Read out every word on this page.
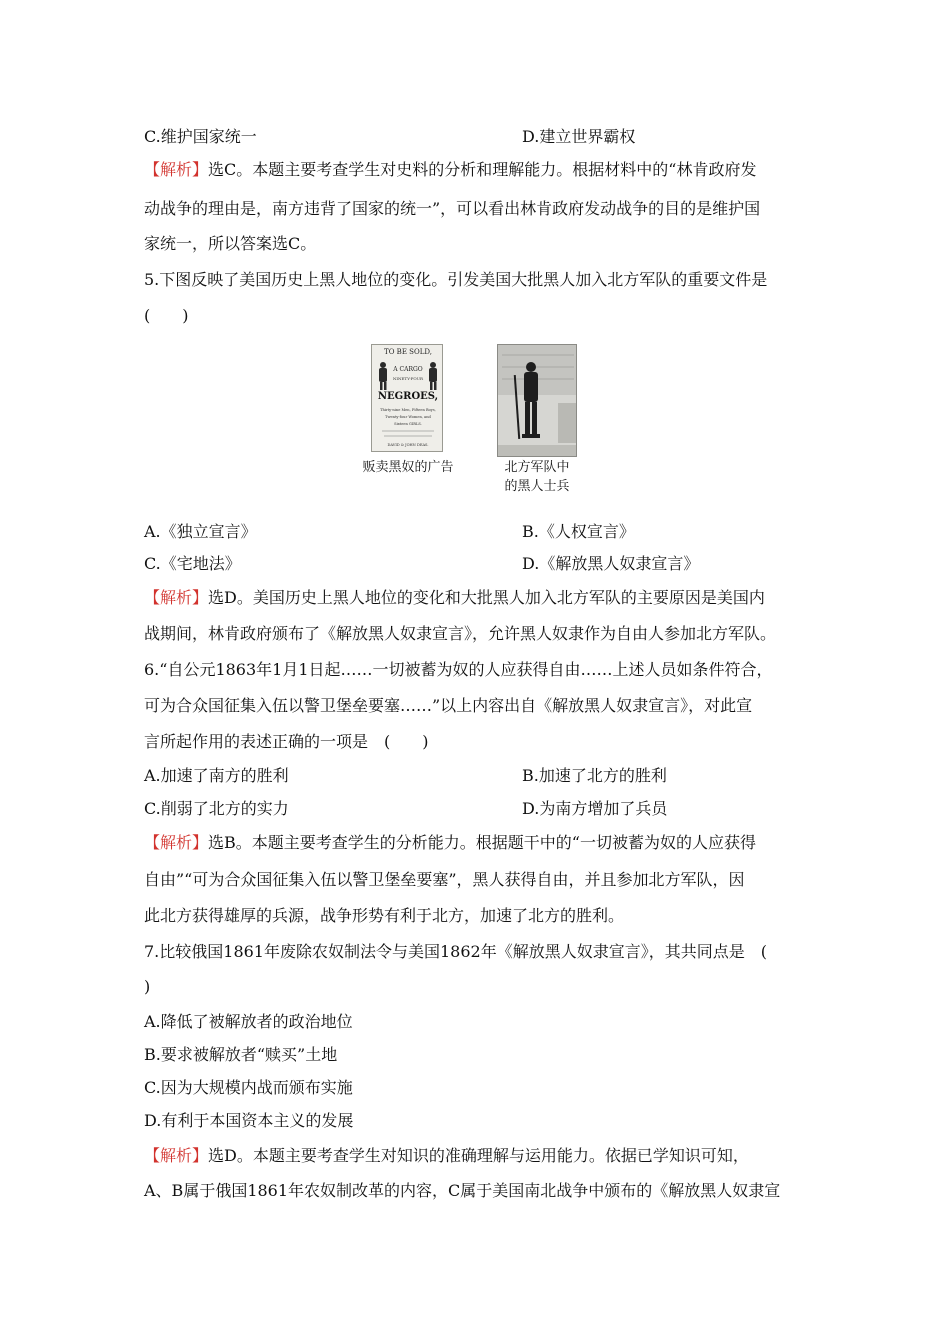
C.维护国家统一	D.建立世界霸权
【解析】选C。本题主要考查学生对史料的分析和理解能力。根据材料中的“林肯政府发
动战争的理由是，南方违背了国家的统一”，可以看出林肯政府发动战争的目的是维护国
家统一，所以答案选C。
5.下图反映了美国历史上黑人地位的变化。引发美国大批黑人加入北方军队的重要文件是
(　　)
TO BE SOLD,
A CARGO
NINETY-FOUR
NEGROES,
Thirty-nine Men, Fifteen Boys,
Twenty-four Women, and
Sixteen GIRLS.
DAVID & JOHN DEAS.
贩卖黑奴的广告	北方军队中
的黑人士兵
A.《独立宣言》	B.《人权宣言》
C.《宅地法》	D.《解放黑人奴隶宣言》
【解析】选D。美国历史上黑人地位的变化和大批黑人加入北方军队的主要原因是美国内
战期间，林肯政府颁布了《解放黑人奴隶宣言》，允许黑人奴隶作为自由人参加北方军队。
6.“自公元1863年1月1日起……一切被蓄为奴的人应获得自由……上述人员如条件符合，
可为合众国征集入伍以警卫堡垒要塞……”以上内容出自《解放黑人奴隶宣言》，对此宣
言所起作用的表述正确的一项是　(　　)
A.加速了南方的胜利	B.加速了北方的胜利
C.削弱了北方的实力	D.为南方增加了兵员
【解析】选B。本题主要考查学生的分析能力。根据题干中的“一切被蓄为奴的人应获得
自由”“可为合众国征集入伍以警卫堡垒要塞”，黑人获得自由，并且参加北方军队，因
此北方获得雄厚的兵源，战争形势有利于北方，加速了北方的胜利。
7.比较俄国1861年废除农奴制法令与美国1862年《解放黑人奴隶宣言》，其共同点是　(
)
A.降低了被解放者的政治地位
B.要求被解放者“赎买”土地
C.因为大规模内战而颁布实施
D.有利于本国资本主义的发展
【解析】选D。本题主要考查学生对知识的准确理解与运用能力。依据已学知识可知，
A、B属于俄国1861年农奴制改革的内容，C属于美国南北战争中颁布的《解放黑人奴隶宣
